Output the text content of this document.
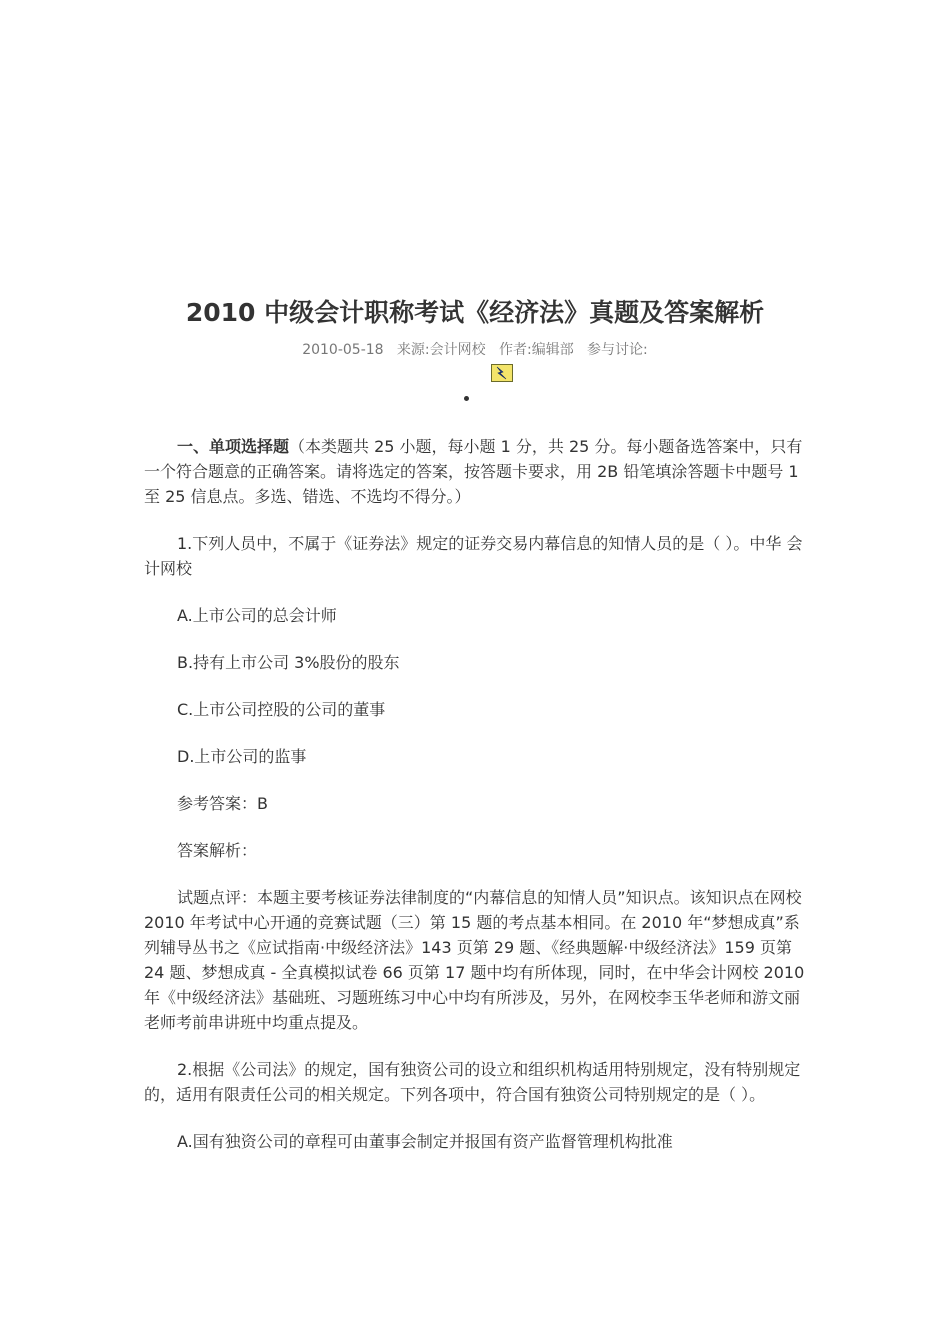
2010 中级会计职称考试《经济法》真题及答案解析
2010-05-18   来源:会计网校   作者:编辑部   参与讨论:

一、单项选择题（本类题共 25 小题，每小题 1 分，共 25 分。每小题备选答案中，只有一个符合题意的正确答案。请将选定的答案，按答题卡要求，用 2B 铅笔填涂答题卡中题号 1 至 25 信息点。多选、错选、不选均不得分。）

1.下列人员中，不属于《证券法》规定的证券交易内幕信息的知情人员的是（ ）。中华 会计网校

A.上市公司的总会计师

B.持有上市公司 3%股份的股东

C.上市公司控股的公司的董事

D.上市公司的监事

参考答案：B

答案解析：

试题点评：本题主要考核证券法律制度的“内幕信息的知情人员”知识点。该知识点在网校 2010 年考试中心开通的竞赛试题（三）第 15 题的考点基本相同。在 2010 年“梦想成真”系列辅导丛书之《应试指南·中级经济法》143 页第 29 题、《经典题解·中级经济法》159 页第 24 题、梦想成真 - 全真模拟试卷 66 页第 17 题中均有所体现，同时，在中华会计网校 2010 年《中级经济法》基础班、习题班练习中心中均有所涉及，另外，在网校李玉华老师和游文丽老师考前串讲班中均重点提及。

2.根据《公司法》的规定，国有独资公司的设立和组织机构适用特别规定，没有特别规定的，适用有限责任公司的相关规定。下列各项中，符合国有独资公司特别规定的是（ ）。

A.国有独资公司的章程可由董事会制定并报国有资产监督管理机构批准
